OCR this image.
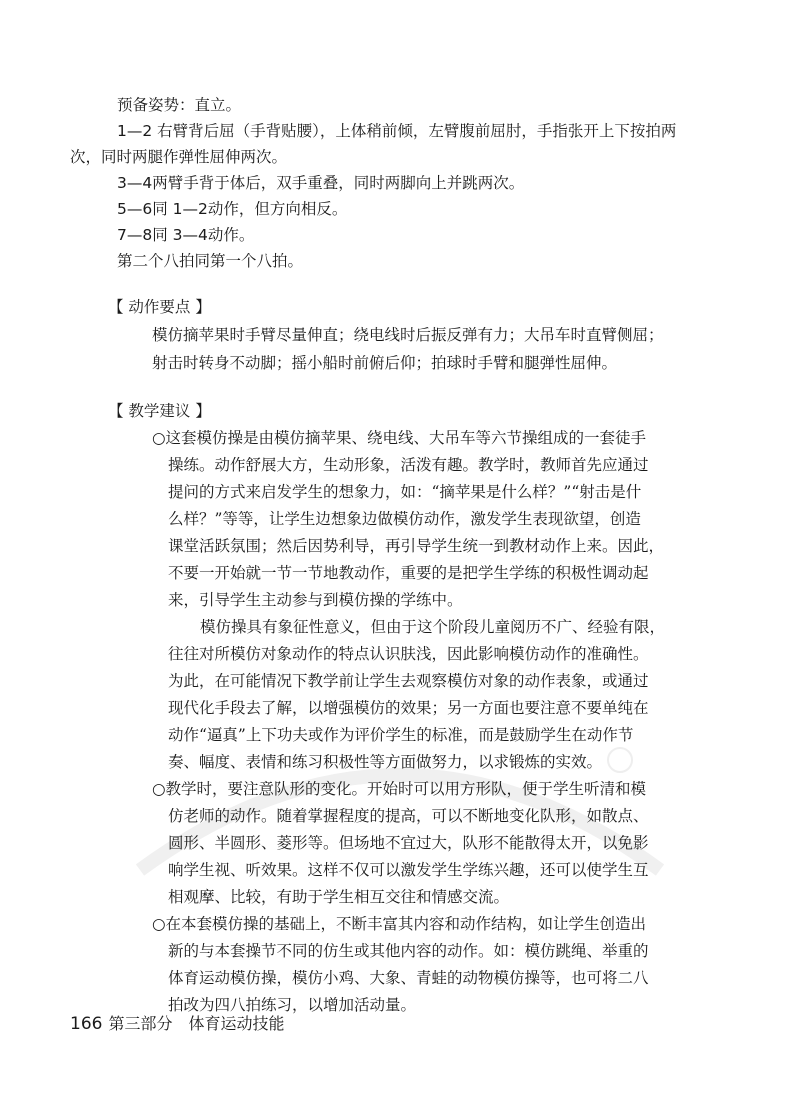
预备姿势：直立。
1—2 右臂背后屈（手背贴腰），上体稍前倾，左臂腹前屈肘，手指张开上下按拍两
次，同时两腿作弹性屈伸两次。
3—4两臂手背于体后，双手重叠，同时两脚向上并跳两次。
5—6同 1—2动作，但方向相反。
7—8同 3—4动作。
第二个八拍同第一个八拍。
【 动作要点 】
模仿摘苹果时手臂尽量伸直；绕电线时后振反弹有力；大吊车时直臂侧屈；
射击时转身不动脚；摇小船时前俯后仰；拍球时手臂和腿弹性屈伸。
【 教学建议 】
○这套模仿操是由模仿摘苹果、绕电线、大吊车等六节操组成的一套徒手
操练。动作舒展大方，生动形象，活泼有趣。教学时，教师首先应通过
提问的方式来启发学生的想象力，如：“摘苹果是什么样？”“射击是什
么样？”等等，让学生边想象边做模仿动作，激发学生表现欲望，创造
课堂活跃氛围；然后因势利导，再引导学生统一到教材动作上来。因此，
不要一开始就一节一节地教动作，重要的是把学生学练的积极性调动起
来，引导学生主动参与到模仿操的学练中。
模仿操具有象征性意义，但由于这个阶段儿童阅历不广、经验有限，
往往对所模仿对象动作的特点认识肤浅，因此影响模仿动作的准确性。
为此，在可能情况下教学前让学生去观察模仿对象的动作表象，或通过
现代化手段去了解，以增强模仿的效果；另一方面也要注意不要单纯在
动作“逼真”上下功夫或作为评价学生的标准，而是鼓励学生在动作节
奏、幅度、表情和练习积极性等方面做努力，以求锻炼的实效。
○教学时，要注意队形的变化。开始时可以用方形队，便于学生听清和模
仿老师的动作。随着掌握程度的提高，可以不断地变化队形，如散点、
圆形、半圆形、菱形等。但场地不宜过大，队形不能散得太开，以免影
响学生视、听效果。这样不仅可以激发学生学练兴趣，还可以使学生互
相观摩、比较，有助于学生相互交往和情感交流。
○在本套模仿操的基础上，不断丰富其内容和动作结构，如让学生创造出
新的与本套操节不同的仿生或其他内容的动作。如：模仿跳绳、举重的
体育运动模仿操，模仿小鸡、大象、青蛙的动物模仿操等，也可将二八
拍改为四八拍练习，以增加活动量。
166 第三部分　体育运动技能
